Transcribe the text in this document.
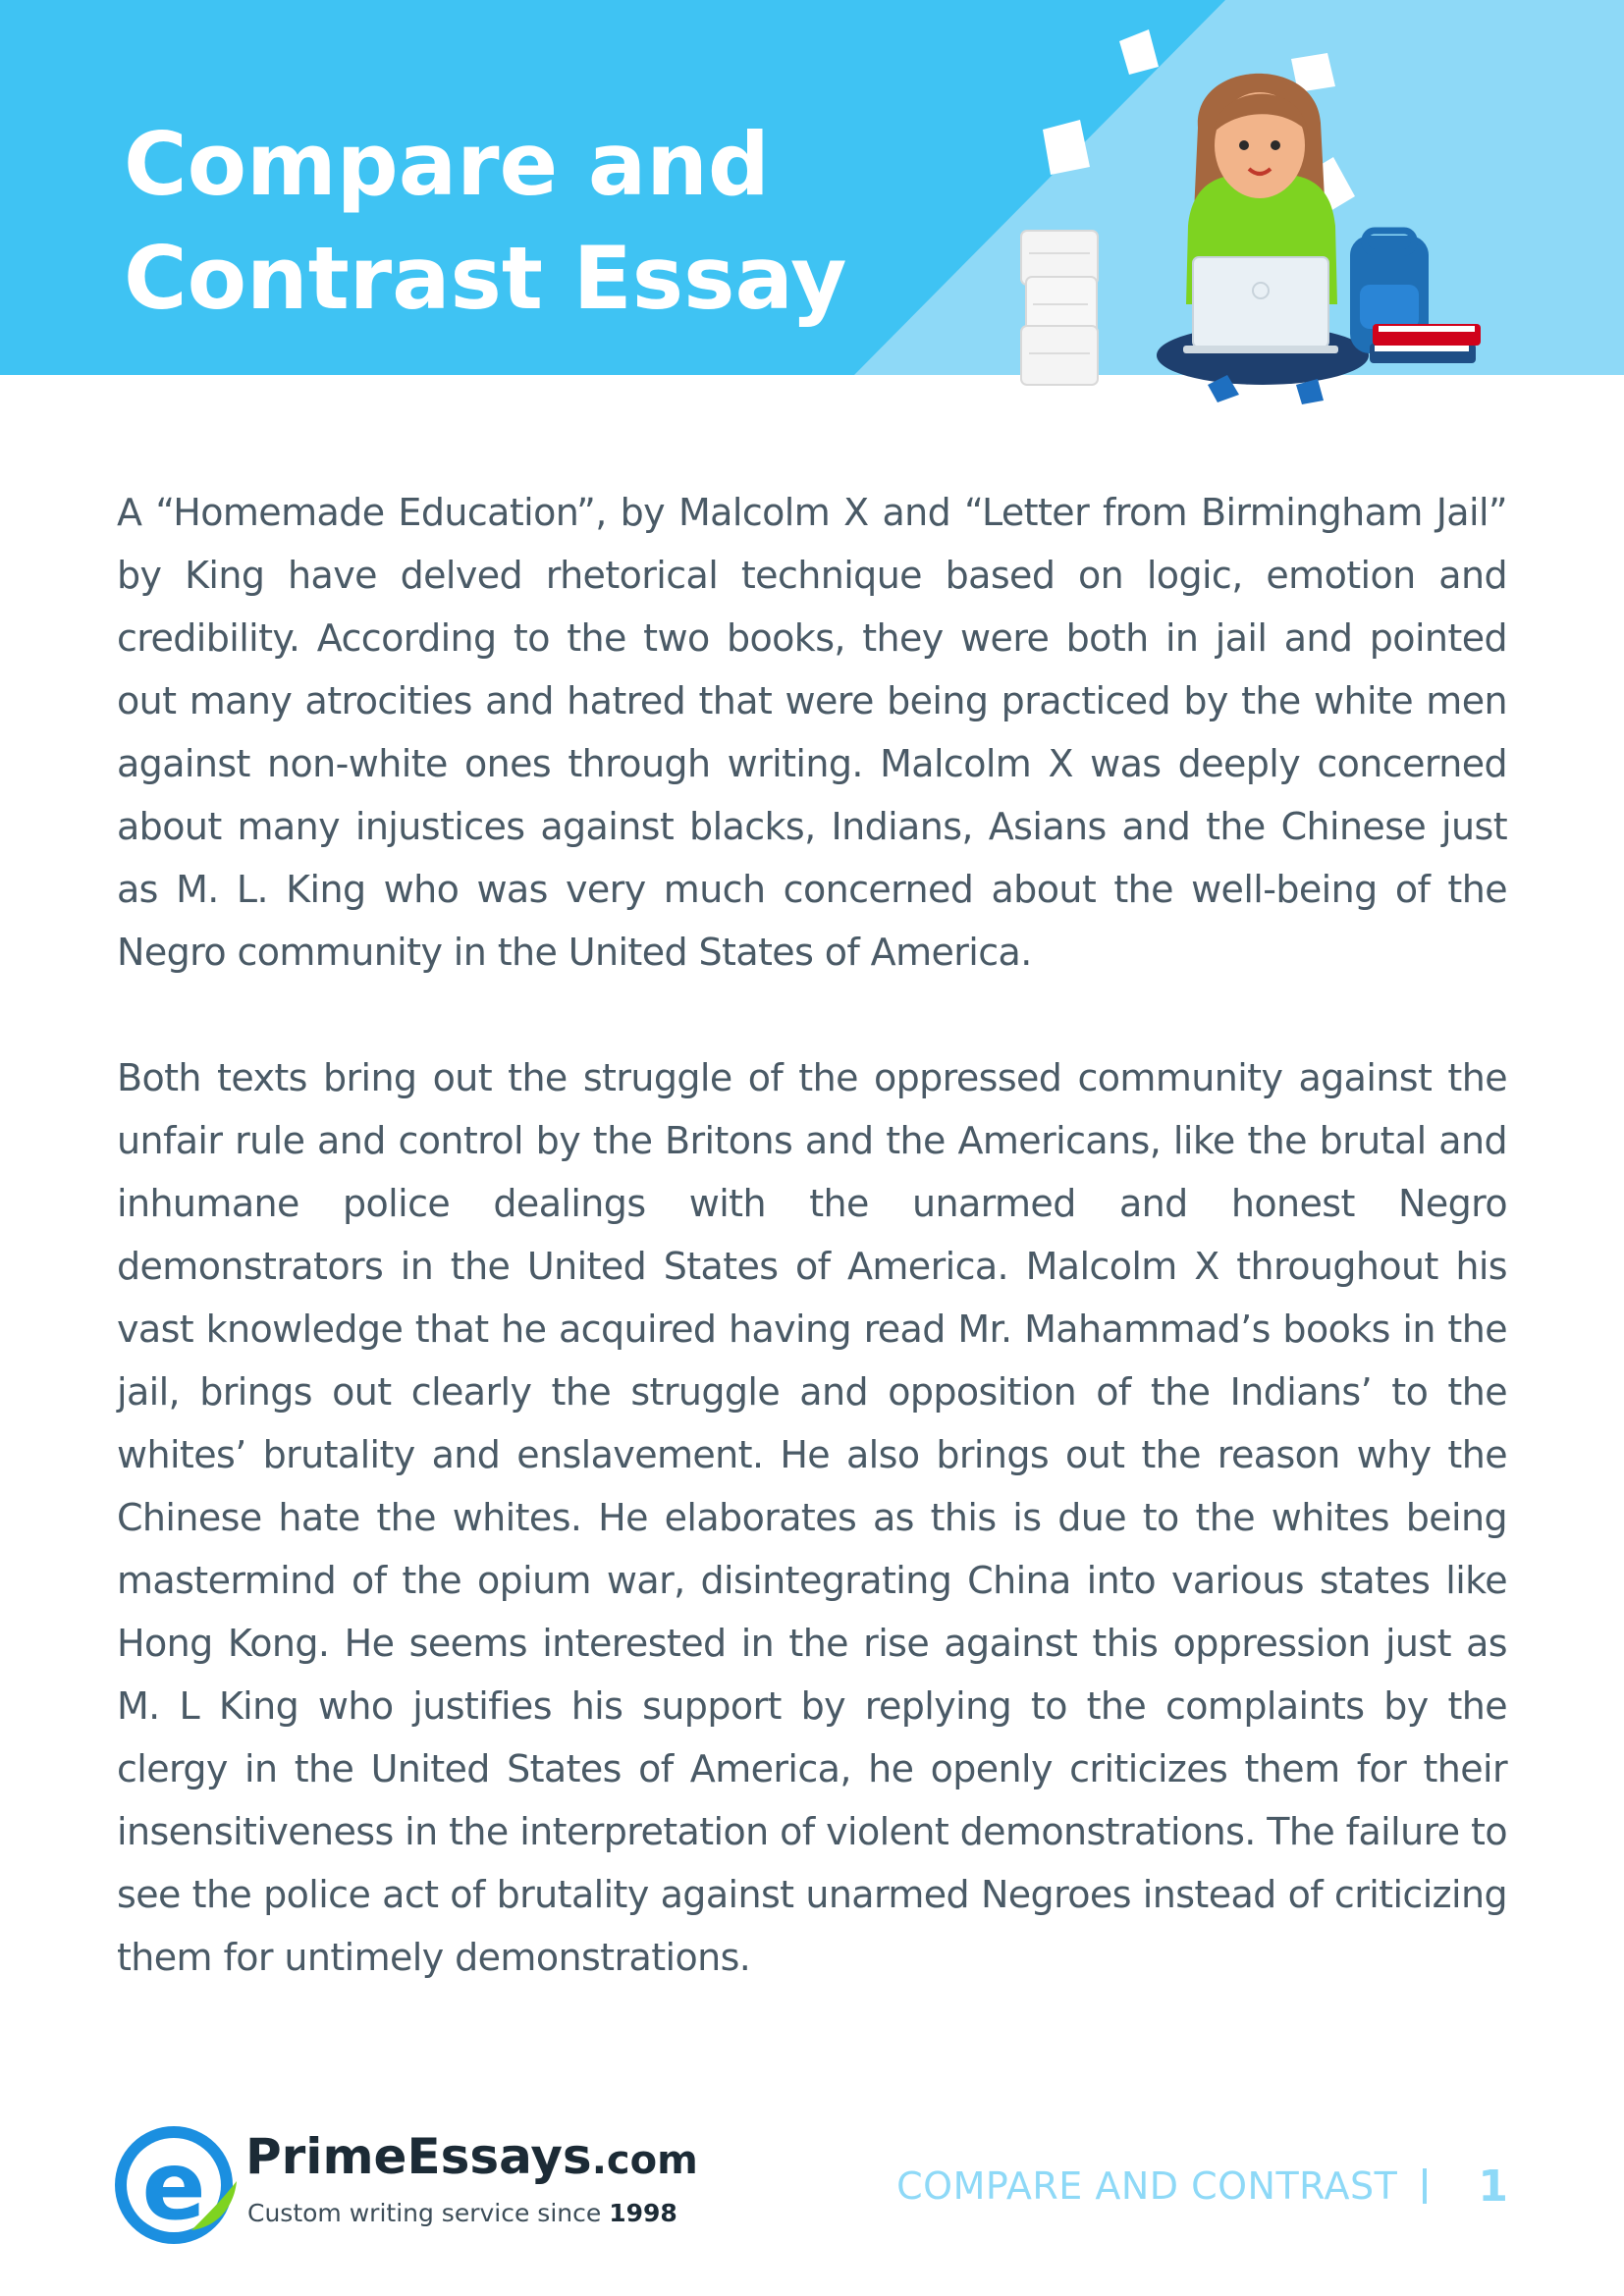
Compare and
Contrast Essay

A “Homemade Education”, by Malcolm X and “Letter from Birmingham Jail” by King have delved rhetorical technique based on logic, emotion and credibility. According to the two books, they were both in jail and pointed out many atrocities and hatred that were being practiced by the white men against non-white ones through writing. Malcolm X was deeply concerned about many injustices against blacks, Indians, Asians and the Chinese just as M. L. King who was very much concerned about the well-being of the Negro community in the United States of America.

Both texts bring out the struggle of the oppressed community against the unfair rule and control by the Britons and the Americans, like the brutal and inhumane police dealings with the unarmed and honest Negro demonstrators in the United States of America. Malcolm X throughout his vast knowledge that he acquired having read Mr. Mahammad’s books in the jail, brings out clearly the struggle and opposition of the Indians’ to the whites’ brutality and enslavement. He also brings out the reason why the Chinese hate the whites. He elaborates as this is due to the whites being mastermind of the opium war, disintegrating China into various states like Hong Kong. He seems interested in the rise against this oppression just as M. L King who justifies his support by replying to the complaints by the clergy in the United States of America, he openly criticizes them for their insensitiveness in the interpretation of violent demonstrations. The failure to see the police act of brutality against unarmed Negroes instead of criticizing them for untimely demonstrations.

e PrimeEssays.com
Custom writing service since 1998
COMPARE AND CONTRAST 1
